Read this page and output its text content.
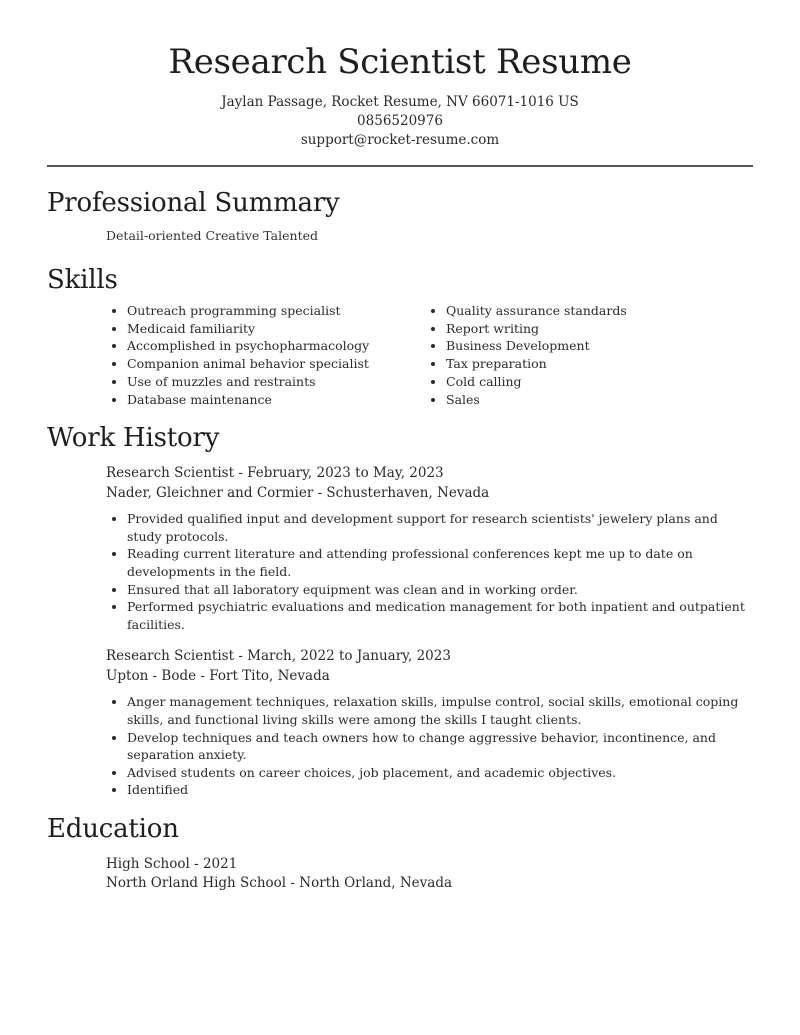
Research Scientist Resume
Jaylan Passage, Rocket Resume, NV 66071-1016 US
0856520976
support@rocket-resume.com
Professional Summary
Detail-oriented Creative Talented
Skills
• Outreach programming specialist
• Medicaid familiarity
• Accomplished in psychopharmacology
• Companion animal behavior specialist
• Use of muzzles and restraints
• Database maintenance
• Quality assurance standards
• Report writing
• Business Development
• Tax preparation
• Cold calling
• Sales
Work History
Research Scientist - February, 2023 to May, 2023
Nader, Gleichner and Cormier - Schusterhaven, Nevada
• Provided qualified input and development support for research scientists' jewelery plans and study protocols.
• Reading current literature and attending professional conferences kept me up to date on developments in the field.
• Ensured that all laboratory equipment was clean and in working order.
• Performed psychiatric evaluations and medication management for both inpatient and outpatient facilities.
Research Scientist - March, 2022 to January, 2023
Upton - Bode - Fort Tito, Nevada
• Anger management techniques, relaxation skills, impulse control, social skills, emotional coping skills, and functional living skills were among the skills I taught clients.
• Develop techniques and teach owners how to change aggressive behavior, incontinence, and separation anxiety.
• Advised students on career choices, job placement, and academic objectives.
• Identified
Education
High School - 2021
North Orland High School - North Orland, Nevada
